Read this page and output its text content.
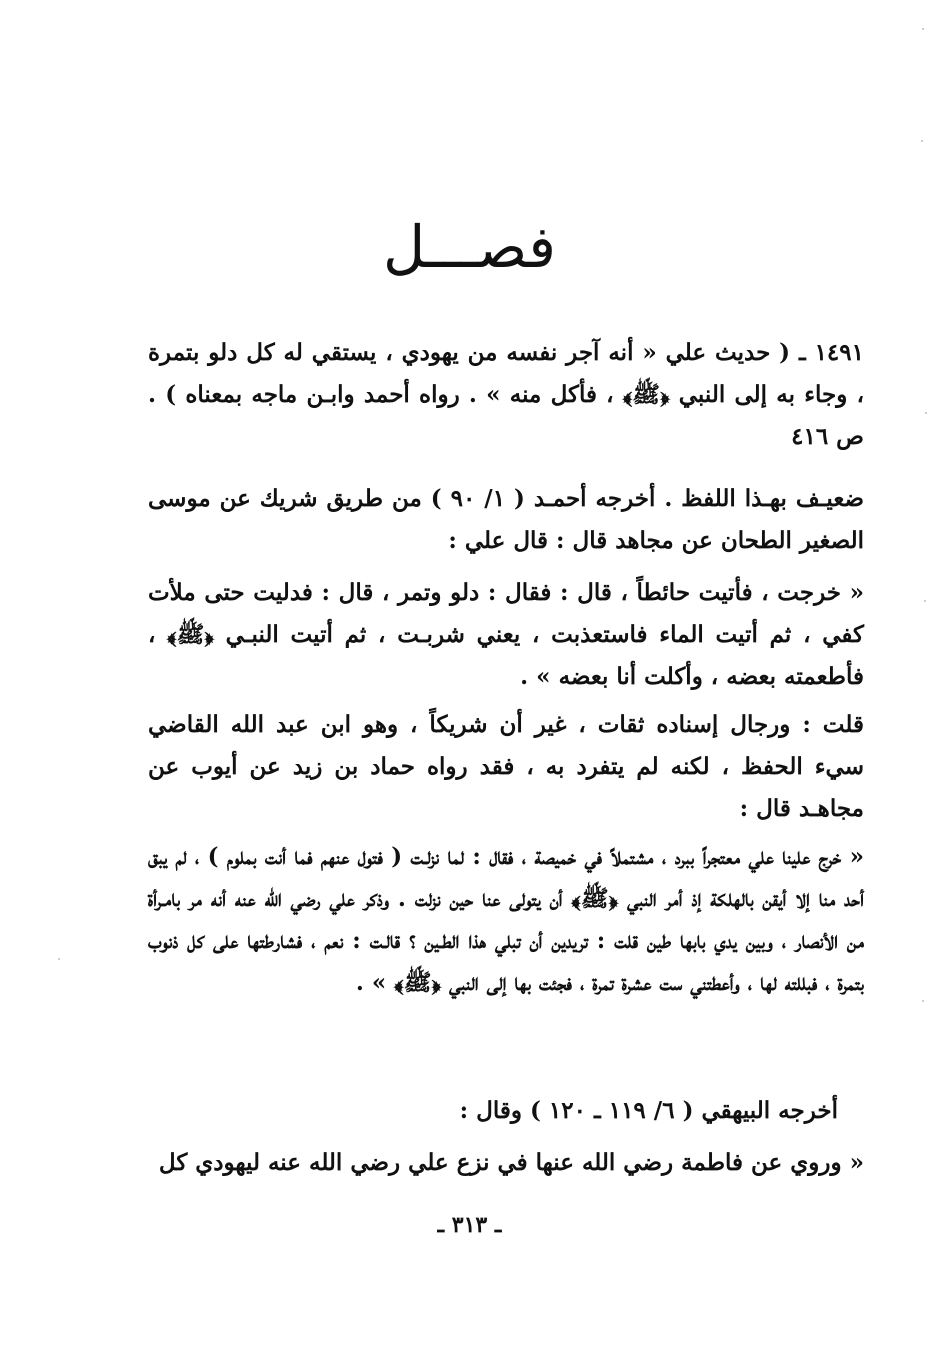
فصـــل

١٤٩١ ـ ( حديث علي « أنه آجر نفسه من يهودي ، يستقي له كل دلو بتمرة ، وجاء به إلى النبي ﴿ﷺ﴾ ، فأكل منه » . رواه أحمد وابـن ماجه بمعناه ) . ص ٤١٦

ضعيـف بهـذا اللفظ . أخرجه أحمـد ( ١/ ٩٠ ) من طريق شريك عن موسى الصغير الطحان عن مجاهد قال : قال علي :

« خرجت ، فأتيت حائطاً ، قال : فقال : دلو وتمر ، قال : فدليت حتى ملأت كفي ، ثم أتيت الماء فاستعذبت ، يعني شربـت ، ثم أتيت النبـي ﴿ﷺ﴾ ، فأطعمته بعضه ، وأكلت أنا بعضه » .

قلت : ورجال إسناده ثقات ، غير أن شريكاً ، وهو ابن عبد الله القاضي سيء الحفظ ، لكنه لم يتفرد به ، فقد رواه حماد بن زيد عن أيوب عن مجاهـد قال :

« خرج علينا علي معتجراً ببرد ، مشتملاً في خميصة ، فقال : لما نزلـت ( فتول عنهم فما أنت بملوم ) ، لم يبق أحد منا إلا أيقن بالهلكة إذ أمر النبي ﴿ﷺ﴾ أن يتولى عنا حين نزلت . وذكر علي رضي الله عنه أنه مر بامـرأة من الأنصار ، وبين يدي بابها طين قلت : تريدين أن تبلي هذا الطـين ؟ قالـت : نعم ، فشارطتها على كل ذنوب بتمرة ، فبللته لها ، وأعطتني ست عشرة تمرة ، فجئت بها إلى النبي ﴿ﷺ﴾ » .

أخرجه البيهقي ( ٦/ ١١٩ ـ ١٢٠ ) وقال :

« وروي عن فاطمة رضي الله عنها في نزع علي رضي الله عنه ليهودي كل

ـ ٣١٣ ـ
